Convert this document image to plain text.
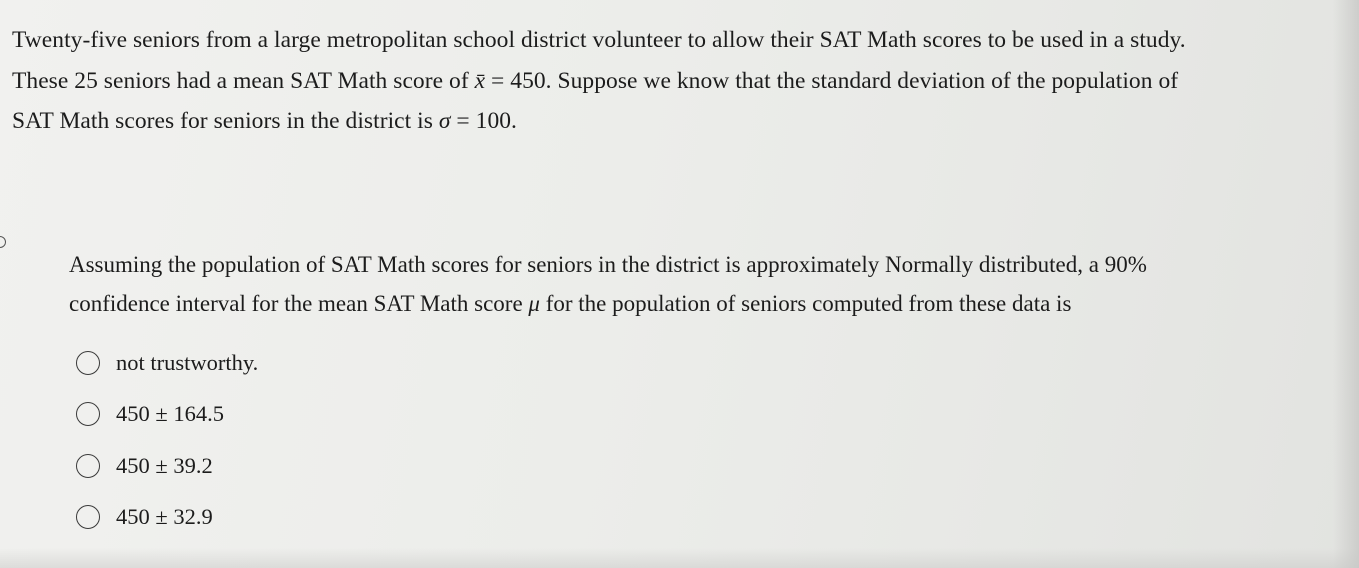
Twenty-five seniors from a large metropolitan school district volunteer to allow their SAT Math scores to be used in a study.

These 25 seniors had a mean SAT Math score of x̄ = 450. Suppose we know that the standard deviation of the population of

SAT Math scores for seniors in the district is σ = 100.

Assuming the population of SAT Math scores for seniors in the district is approximately Normally distributed, a 90%

confidence interval for the mean SAT Math score μ for the population of seniors computed from these data is

not trustworthy.
450 ± 164.5
450 ± 39.2
450 ± 32.9
